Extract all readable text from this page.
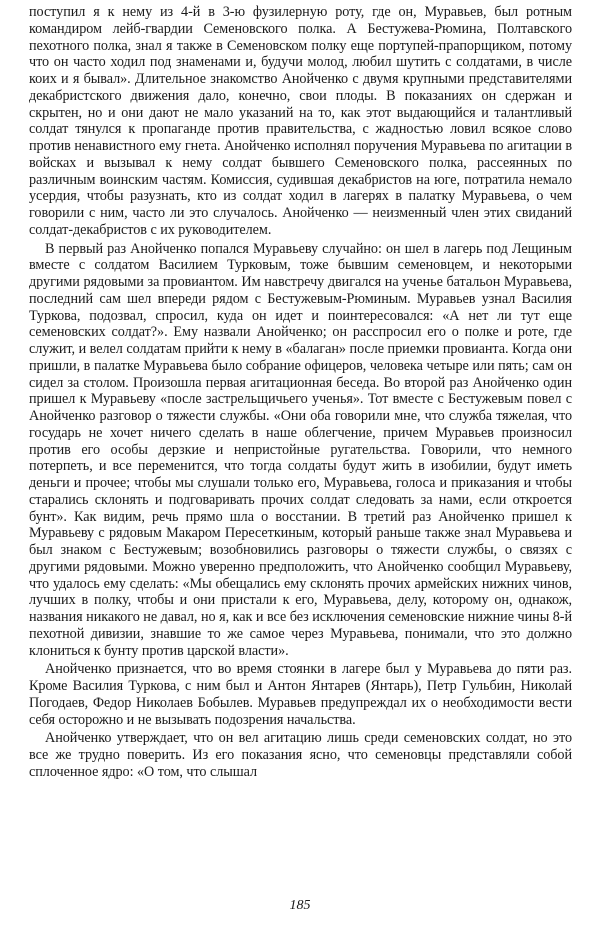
поступил я к нему из 4-й в 3-ю фузилерную роту, где он, Муравьев, был ротным командиром лейб-гвардии Семеновского полка. А Бестужева-Рюмина, Полтавского пехотного полка, знал я также в Семеновском полку еще портупей-прапорщиком, потому что он часто ходил под знаменами и, будучи молод, любил шутить с солдатами, в числе коих и я бывал». Длительное знакомство Анойченко с двумя крупными представителями декабристского движения дало, конечно, свои плоды. В показаниях он сдержан и скрытен, но и они дают не мало указаний на то, как этот выдающийся и талантливый солдат тянулся к пропаганде против правительства, с жадностью ловил всякое слово против ненавистного ему гнета. Анойченко исполнял поручения Муравьева по агитации в войсках и вызывал к нему солдат бывшего Семеновского полка, рассеянных по различным воинским частям. Комиссия, судившая декабристов на юге, потратила немало усердия, чтобы разузнать, кто из солдат ходил в лагерях в палатку Муравьева, о чем говорили с ним, часто ли это случалось. Анойченко — неизменный член этих свиданий солдат-декабристов с их руководителем.

В первый раз Анойченко попался Муравьеву случайно: он шел в лагерь под Лещиным вместе с солдатом Василием Турковым, тоже бывшим семеновцем, и некоторыми другими рядовыми за провиантом. Им навстречу двигался на ученье батальон Муравьева, последний сам шел впереди рядом с Бестужевым-Рюминым. Муравьев узнал Василия Туркова, подозвал, спросил, куда он идет и поинтересовался: «А нет ли тут еще семеновских солдат?». Ему назвали Анойченко; он расспросил его о полке и роте, где служит, и велел солдатам прийти к нему в «балаган» после приемки провианта. Когда они пришли, в палатке Муравьева было собрание офицеров, человека четыре или пять; сам он сидел за столом. Произошла первая агитационная беседа. Во второй раз Анойченко один пришел к Муравьеву «после застрельщичьего ученья». Тот вместе с Бестужевым повел с Анойченко разговор о тяжести службы. «Они оба говорили мне, что служба тяжелая, что государь не хочет ничего сделать в наше облегчение, причем Муравьев произносил против его особы дерзкие и непристойные ругательства. Говорили, что немного потерпеть, и все переменится, что тогда солдаты будут жить в изобилии, будут иметь деньги и прочее; чтобы мы слушали только его, Муравьева, голоса и приказания и чтобы старались склонять и подговаривать прочих солдат следовать за нами, если откроется бунт». Как видим, речь прямо шла о восстании. В третий раз Анойченко пришел к Муравьеву с рядовым Макаром Пересеткиным, который раньше также знал Муравьева и был знаком с Бестужевым; возобновились разговоры о тяжести службы, о связях с другими рядовыми. Можно уверенно предположить, что Анойченко сообщил Муравьеву, что удалось ему сделать: «Мы обещались ему склонять прочих армейских нижних чинов, лучших в полку, чтобы и они пристали к его, Муравьева, делу, которому он, однакож, названия никакого не давал, но я, как и все без исключения семеновские нижние чины 8-й пехотной дивизии, знавшие то же самое через Муравьева, понимали, что это должно клониться к бунту против царской власти».

Анойченко признается, что во время стоянки в лагере был у Муравьева до пяти раз. Кроме Василия Туркова, с ним был и Антон Янтарев (Янтарь), Петр Гульбин, Николай Погодаев, Федор Николаев Бобылев. Муравьев предупреждал их о необходимости вести себя осторожно и не вызывать подозрения начальства.

Анойченко утверждает, что он вел агитацию лишь среди семеновских солдат, но это все же трудно поверить. Из его показания ясно, что семеновцы представляли собой сплоченное ядро: «О том, что слышал

185
